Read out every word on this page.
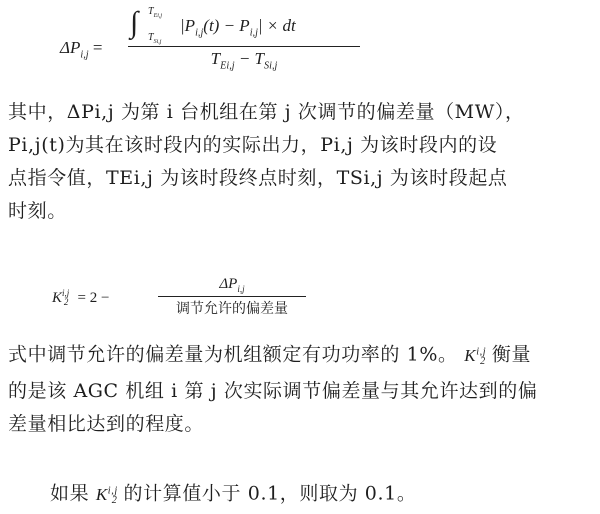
$\Delta P_{i,j}$ =
∫ $T_{Ei,j}$
$T_{Si,j}$
$|P_{i,j}(t) - P_{i,j}|$ × dt
$T_{Ei,j} - T_{Si,j}$
其中，ΔPi,j 为第 i 台机组在第 j 次调节的偏差量（MW），
Pi,j(t)为其在该时段内的实际出力，Pi,j 为该时段内的设
点指令值，TEi,j 为该时段终点时刻，TSi,j 为该时段起点
时刻。
K$^{i,j}$2 = 2 −
$\Delta P_{i,j}$
调节允许的偏差量
式中调节允许的偏差量为机组额定有功功率的 1%。 K$^{i,j}$2 衡量
的是该 AGC 机组 i 第 j 次实际调节偏差量与其允许达到的偏
差量相比达到的程度。
如果 K$^{i,j}$2 的计算值小于 0.1，则取为 0.1。
